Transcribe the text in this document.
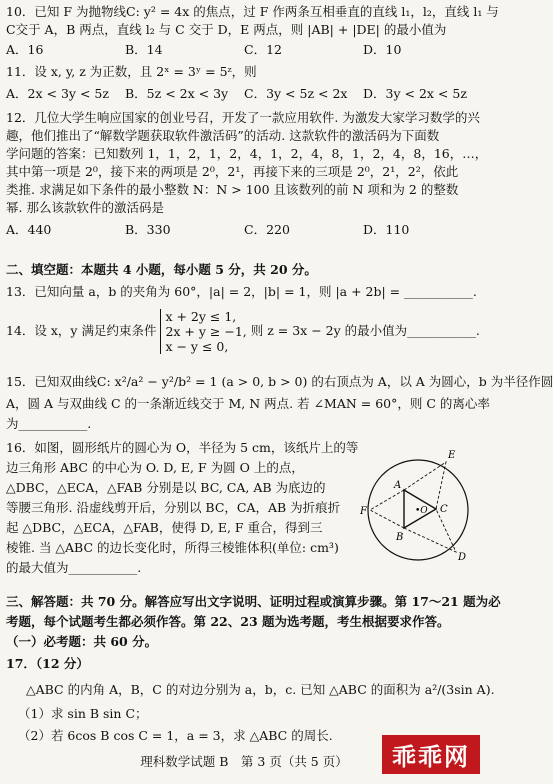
10．已知 F 为抛物线C: y² = 4x 的焦点，过 F 作两条互相垂直的直线 l₁，l₂，直线 l₁ 与
C交于 A，B 两点，直线 l₂ 与 C 交于 D，E 两点，则 |AB| + |DE| 的最小值为
A．16	B．14	C．12	D．10
11．设 x, y, z 为正数，且 2ˣ = 3ʸ = 5ᶻ，则
A．2x < 3y < 5z	B．5z < 2x < 3y	C．3y < 5z < 2x	D．3y < 2x < 5z
12．几位大学生响应国家的创业号召，开发了一款应用软件. 为激发大家学习数学的兴
趣，他们推出了“解数学题获取软件激活码”的活动. 这款软件的激活码为下面数
学问题的答案：已知数列 1，1，2，1，2，4，1，2，4，8，1，2，4，8，16，…，
其中第一项是 2⁰，接下来的两项是 2⁰，2¹，再接下来的三项是 2⁰，2¹，2²，依此
类推. 求满足如下条件的最小整数 N：N > 100 且该数列的前 N 项和为 2 的整数
幂. 那么该款软件的激活码是
A．440	B．330	C．220	D．110
二、填空题：本题共 4 小题，每小题 5 分，共 20 分。
13．已知向量 a，b 的夹角为 60°，|a| = 2，|b| = 1，则 |a + 2b| = ___________.
14．设 x，y 满足约束条件
x + 2y ≤ 1,
2x + y ≥ −1,
x − y ≤ 0,
则 z = 3x − 2y 的最小值为___________.
15．已知双曲线C: x²/a² − y²/b² = 1 (a > 0, b > 0) 的右顶点为 A，以 A 为圆心，b 为半径作圆
A，圆 A 与双曲线 C 的一条渐近线交于 M, N 两点. 若 ∠MAN = 60°，则 C 的离心率
为___________.
16．如图，圆形纸片的圆心为 O，半径为 5 cm，该纸片上的等
边三角形 ABC 的中心为 O. D, E, F 为圆 O 上的点，
△DBC，△ECA，△FAB 分别是以 BC, CA, AB 为底边的
等腰三角形. 沿虚线剪开后，分别以 BC，CA，AB 为折痕折
起 △DBC，△ECA，△FAB，使得 D, E, F 重合，得到三
棱锥. 当 △ABC 的边长变化时，所得三棱锥体积(单位: cm³)
的最大值为___________.
A
B
C
D
E
F	•O
三、解答题：共 70 分。解答应写出文字说明、证明过程或演算步骤。第 17～21 题为必
考题，每个试题考生都必须作答。第 22、23 题为选考题，考生根据要求作答。
（一）必考题：共 60 分。
17．（12 分）
△ABC 的内角 A，B，C 的对边分别为 a，b，c. 已知 △ABC 的面积为 a²/(3sin A).
（1）求 sin B sin C；
（2）若 6cos B cos C = 1，a = 3，求 △ABC 的周长.
理科数学试题 B　第 3 页（共 5 页）	乖乖网
